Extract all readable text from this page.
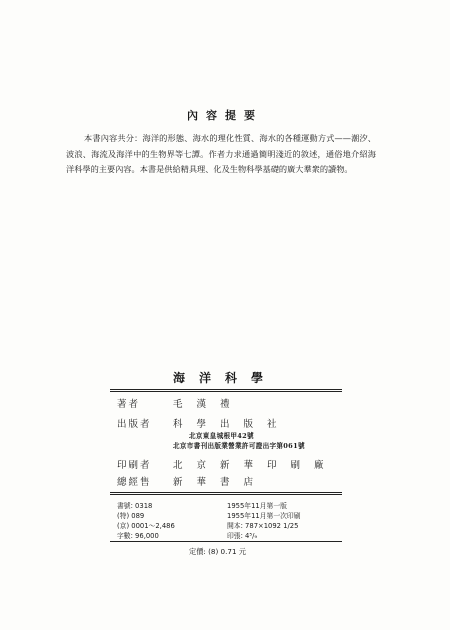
內容提要
本書內容共分：海洋的形態、海水的理化性質、海水的各種運動方式——潮汐、波浪、海流及海洋中的生物界等七譚。作者力求通過簡明淺近的敘述，通俗地介紹海洋科學的主要內容。本書是供給精具理、化及生物科學基礎的廣大羣衆的讀物。
海洋科學
著者	毛漢禮
出版者 科學出版社
北京東皇城根甲42號
北京市書刊出版業營業許可證出字第061號
印刷者 北京新華印刷廠
總經售 新華書店
書號: 0318
(特) 089
(京) 0001～2,486
字數: 96,000
1955年11月第一版
1955年11月第一次印刷
開本: 787×1092 1/25
印張: 4⁵/₉
定價: (8) 0.71 元
